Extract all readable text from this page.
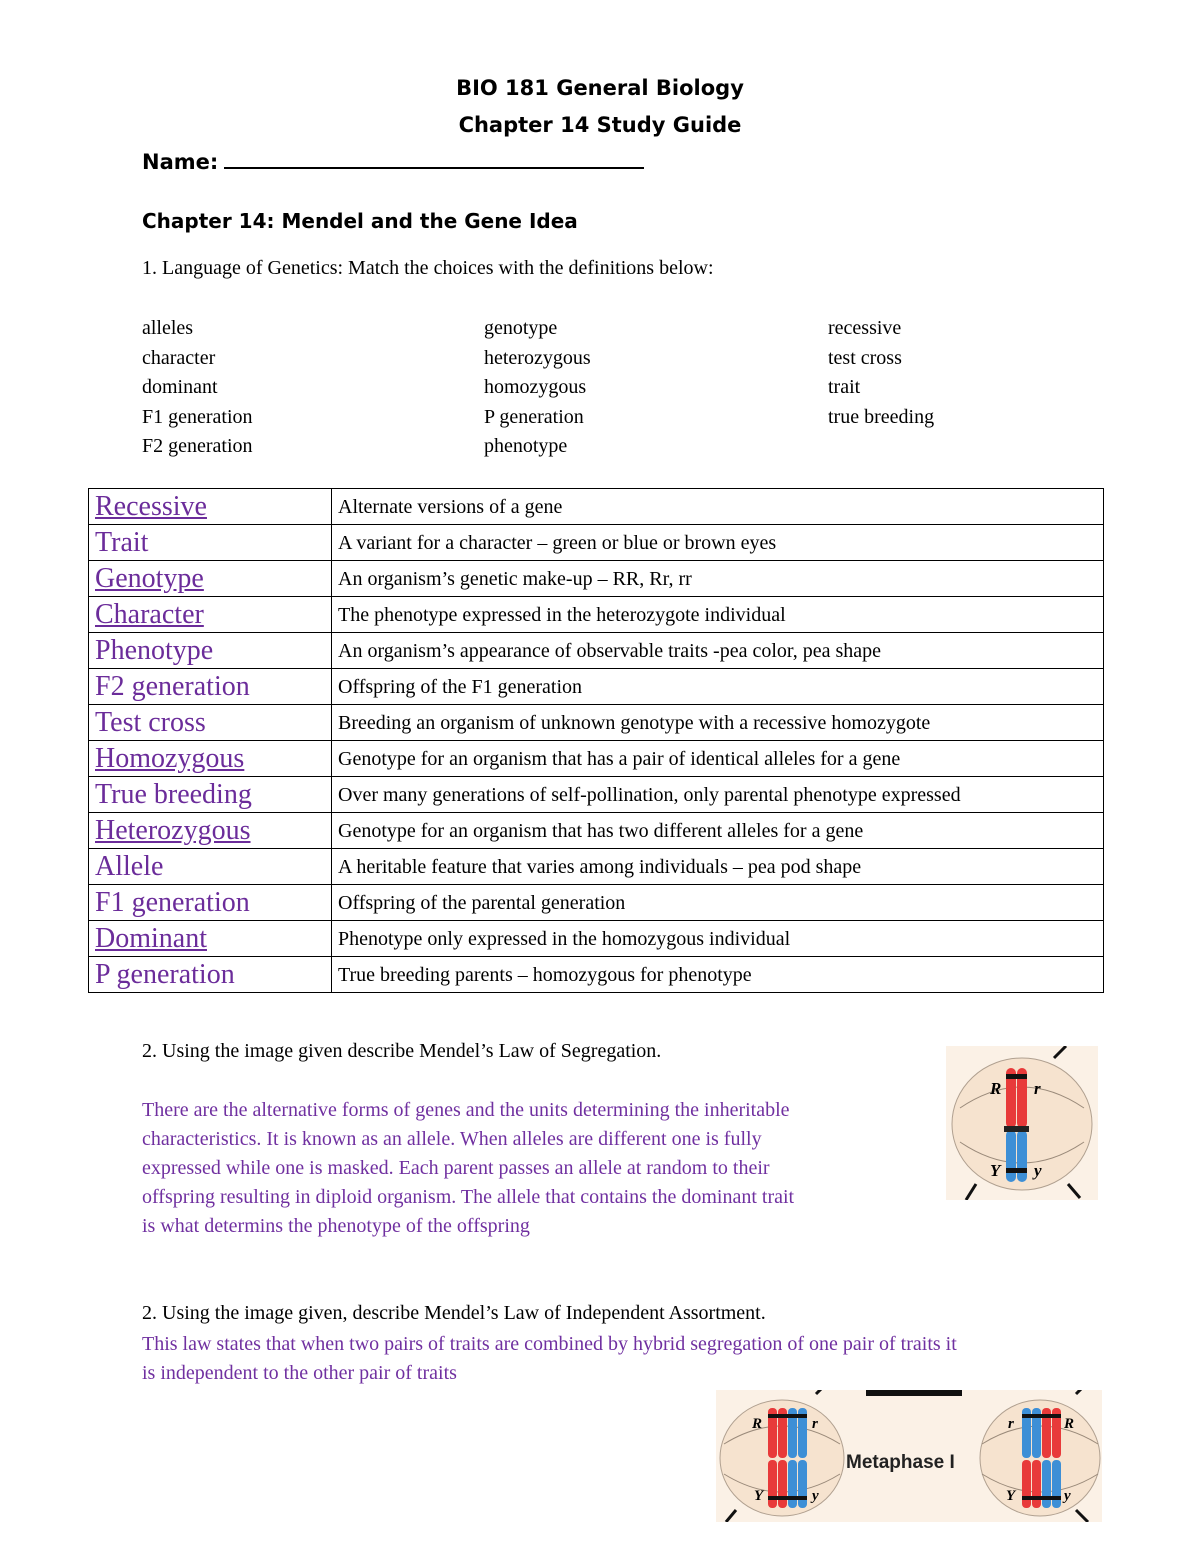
BIO 181 General Biology
Chapter 14 Study Guide
Name:
Chapter 14: Mendel and the Gene Idea
1. Language of Genetics: Match the choices with the definitions below:
alleles
character
dominant
F1 generation
F2 generation
genotype
heterozygous
homozygous
P generation
phenotype
recessive
test cross
trait
true breeding
Recessive	Alternate versions of a gene
Trait	A variant for a character – green or blue or brown eyes
Genotype	An organism’s genetic make-up – RR, Rr, rr
Character	The phenotype expressed in the heterozygote individual
Phenotype	An organism’s appearance of observable traits -pea color, pea shape
F2 generation	Offspring of the F1 generation
Test cross	Breeding an organism of unknown genotype with a recessive homozygote
Homozygous	Genotype for an organism that has a pair of identical alleles for a gene
True breeding	Over many generations of self-pollination, only parental phenotype expressed
Heterozygous	Genotype for an organism that has two different alleles for a gene
Allele	A heritable feature that varies among individuals – pea pod shape
F1 generation	Offspring of the parental generation
Dominant	Phenotype only expressed in the homozygous individual
P generation	True breeding parents – homozygous for phenotype
2. Using the image given describe Mendel’s Law of Segregation.
There are the alternative forms of genes and the units determining the inheritable
characteristics. It is known as an allele. When alleles are different one is fully
expressed while one is masked. Each parent passes an allele at random to their
offspring resulting in diploid organism. The allele that contains the dominant trait
is what determins the phenotype of the offspring
R r
Y y
2. Using the image given, describe Mendel’s Law of Independent Assortment.
This law states that when two pairs of traits are combined by hybrid segregation of one pair of traits it
is independent to the other pair of traits
R	r
Y	y
Metaphase I
r	R
Y	y
